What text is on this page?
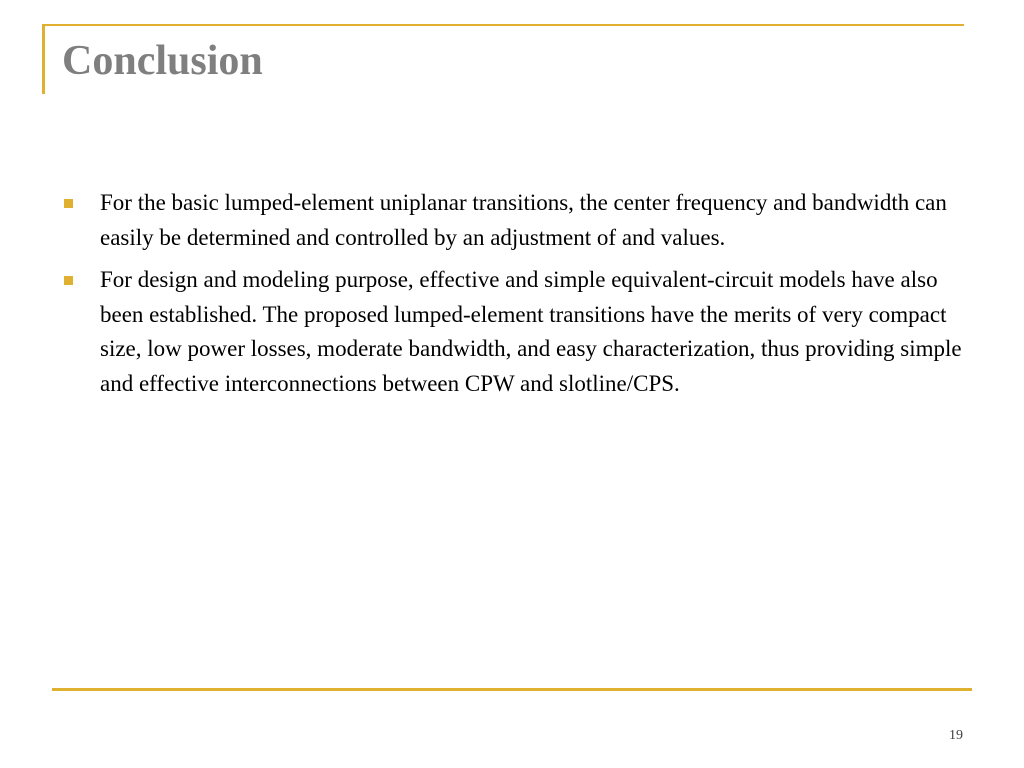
Conclusion
For the basic lumped-element uniplanar transitions, the center frequency and bandwidth can easily be determined and controlled by an adjustment of and values.
For design and modeling purpose, effective and simple equivalent-circuit models have also been established. The proposed lumped-element transitions have the merits of very compact size, low power losses, moderate bandwidth, and easy characterization, thus providing simple and effective interconnections between CPW and slotline/CPS.
19
